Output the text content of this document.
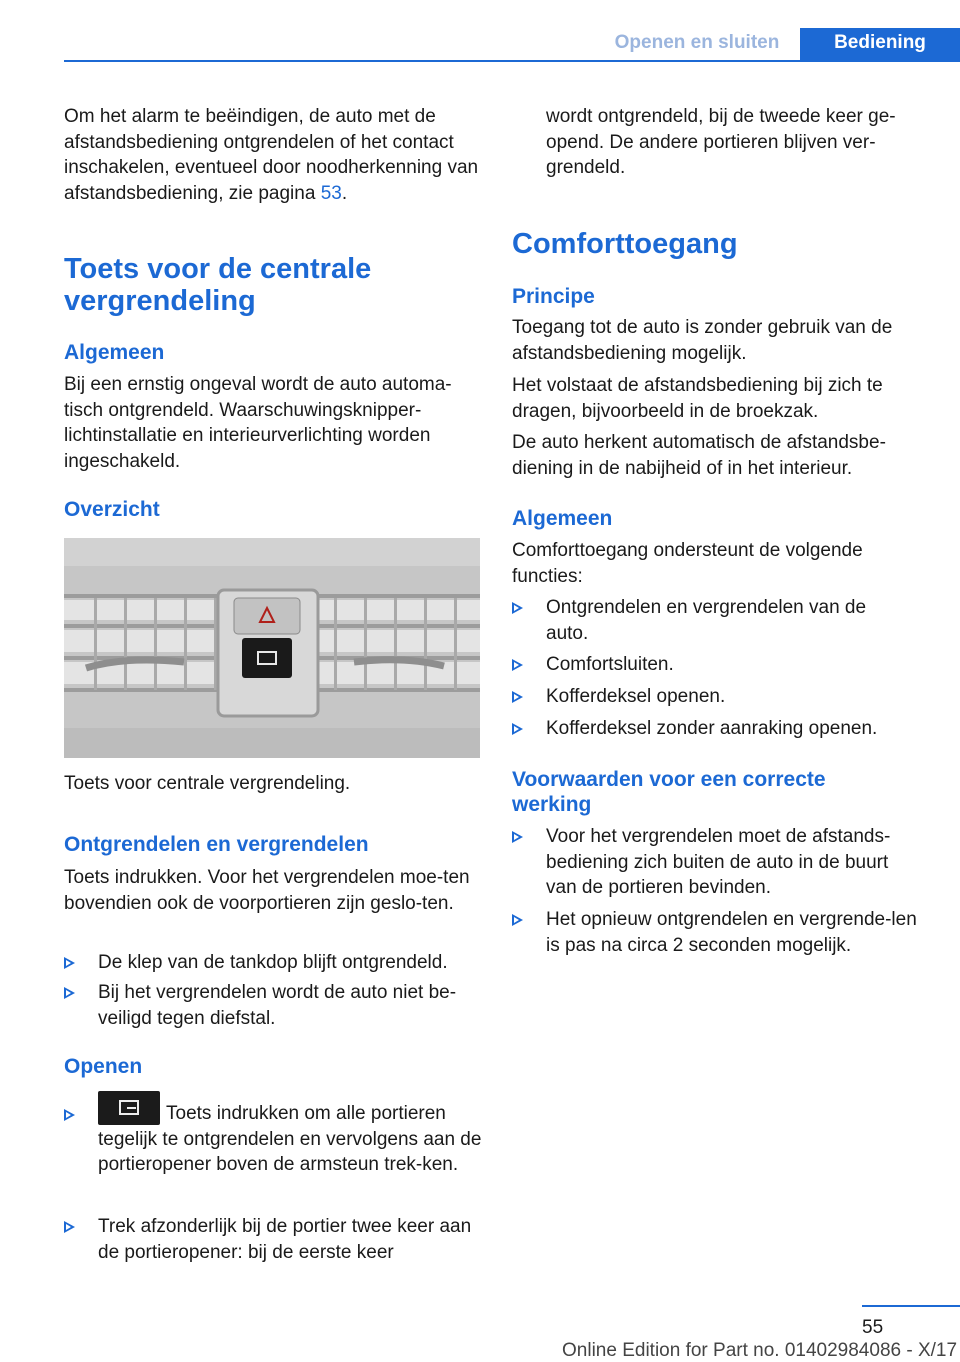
Openen en sluiten	Bediening

Om het alarm te beëindigen, de auto met de afstandsbediening ontgrendelen of het contact inschakelen, eventueel door noodherkenning van afstandsbediening, zie pagina 53.

Toets voor de centrale vergrendeling
Algemeen

Bij een ernstig ongeval wordt de auto automa-tisch ontgrendeld. Waarschuwingsknipper-lichtinstallatie en interieurverlichting worden ingeschakeld.

Overzicht

Toets voor centrale vergrendeling.

Ontgrendelen en vergrendelen

Toets indrukken. Voor het vergrendelen moe-ten bovendien ook de voorportieren zijn geslo-ten.

De klep van de tankdop blijft ontgrendeld.
Bij het vergrendelen wordt de auto niet be-veiligd tegen diefstal.
Openen
Toets indrukken om alle portieren tegelijk te ontgrendelen en vervolgens aan de portieropener boven de armsteun trek-ken.
Trek afzonderlijk bij de portier twee keer aan de portieropener: bij de eerste keer

wordt ontgrendeld, bij de tweede keer ge-opend. De andere portieren blijven ver-grendeld.

Comforttoegang
Principe

Toegang tot de auto is zonder gebruik van de afstandsbediening mogelijk.

Het volstaat de afstandsbediening bij zich te dragen, bijvoorbeeld in de broekzak.

De auto herkent automatisch de afstandsbe-diening in de nabijheid of in het interieur.

Algemeen

Comforttoegang ondersteunt de volgende functies:

Ontgrendelen en vergrendelen van de auto.
Comfortsluiten.
Kofferdeksel openen.
Kofferdeksel zonder aanraking openen.
Voorwaarden voor een correcte werking
Voor het vergrendelen moet de afstands-bediening zich buiten de auto in de buurt van de portieren bevinden.
Het opnieuw ontgrendelen en vergrende-len is pas na circa 2 seconden mogelijk.
55
Online Edition for Part no. 01402984086 - X/17
